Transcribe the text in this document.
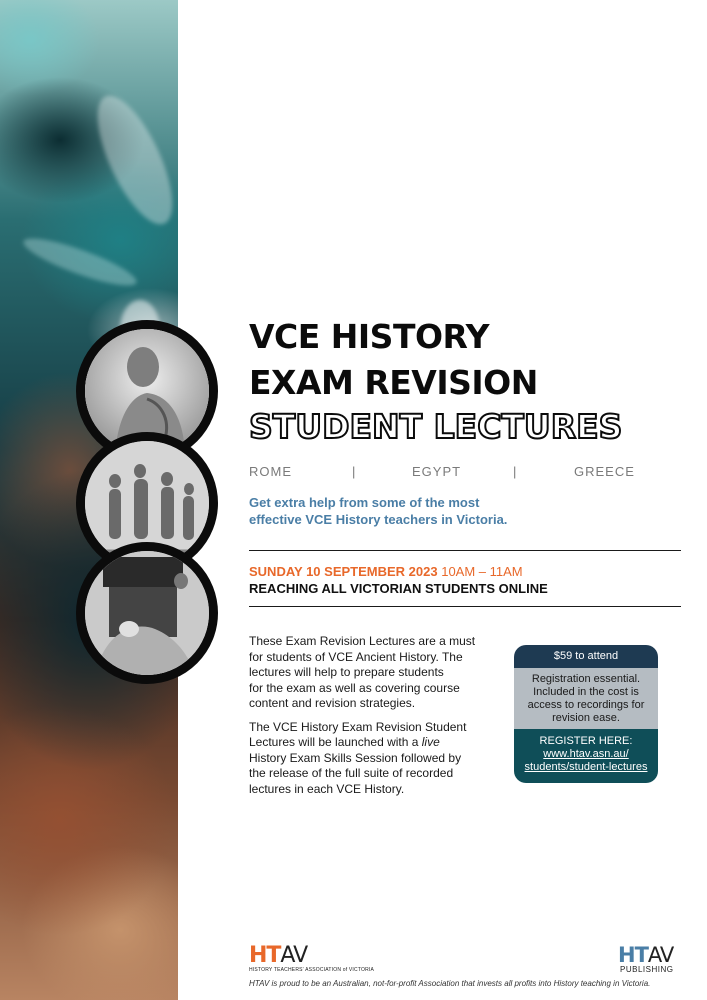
VCE HISTORY
EXAM REVISION
STUDENT LECTURES
ROME	|	EGYPT	|	GREECE
Get extra help from some of the most
effective VCE History teachers in Victoria.
SUNDAY 10 SEPTEMBER 2023 10AM – 11AM
REACHING ALL VICTORIAN STUDENTS ONLINE

These Exam Revision Lectures are a must
for students of VCE Ancient History. The
lectures will help to prepare students
for the exam as well as covering course
content and revision strategies.

The VCE History Exam Revision Student
Lectures will be launched with a live
History Exam Skills Session followed by
the release of the full suite of recorded
lectures in each VCE History.

$59 to attend
Registration essential.
Included in the cost is
access to recordings for
revision ease.
REGISTER HERE:
www.htav.asn.au/
students/student-lectures
HTAV
HISTORY TEACHERS' ASSOCIATION of VICTORIA
HTAV
PUBLISHING
HTAV is proud to be an Australian, not-for-profit Association that invests all profits into History teaching in Victoria.
